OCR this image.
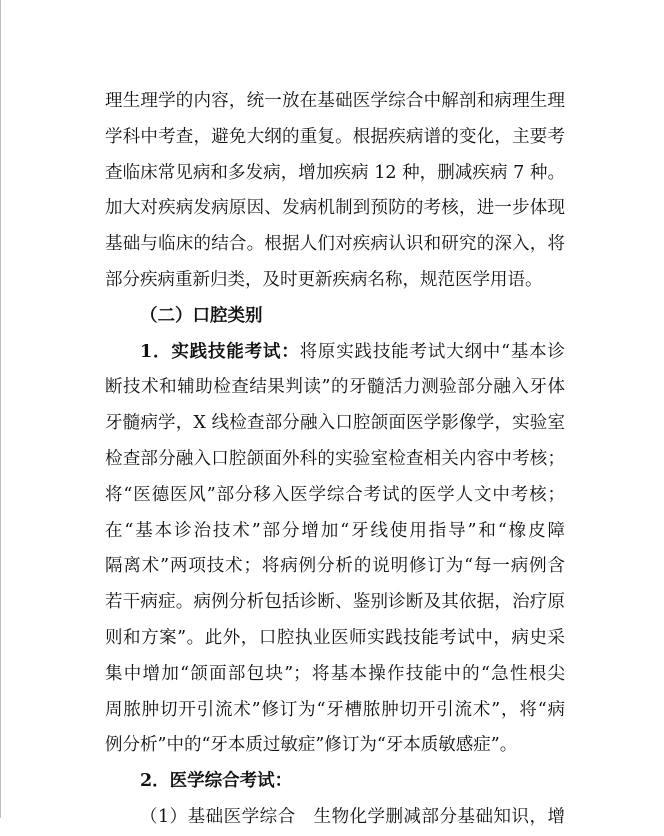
理生理学的内容，统一放在基础医学综合中解剖和病理生理
学科中考查，避免大纲的重复。根据疾病谱的变化，主要考
查临床常见病和多发病，增加疾病 12 种，删减疾病 7 种。
加大对疾病发病原因、发病机制到预防的考核，进一步体现
基础与临床的结合。根据人们对疾病认识和研究的深入，将
部分疾病重新归类，及时更新疾病名称，规范医学用语。
（二）口腔类别
1．实践技能考试：将原实践技能考试大纲中“基本诊
断技术和辅助检查结果判读”的牙髓活力测验部分融入牙体
牙髓病学，X 线检查部分融入口腔颌面医学影像学，实验室
检查部分融入口腔颌面外科的实验室检查相关内容中考核；
将“医德医风”部分移入医学综合考试的医学人文中考核；
在“基本诊治技术”部分增加“牙线使用指导”和“橡皮障
隔离术”两项技术；将病例分析的说明修订为“每一病例含
若干病症。病例分析包括诊断、鉴别诊断及其依据，治疗原
则和方案”。此外，口腔执业医师实践技能考试中，病史采
集中增加“颌面部包块”；将基本操作技能中的“急性根尖
周脓肿切开引流术”修订为“牙槽脓肿切开引流术”，将“病
例分析”中的“牙本质过敏症”修订为“牙本质敏感症”。
2．医学综合考试：
（1）基础医学综合　生物化学删减部分基础知识，增
